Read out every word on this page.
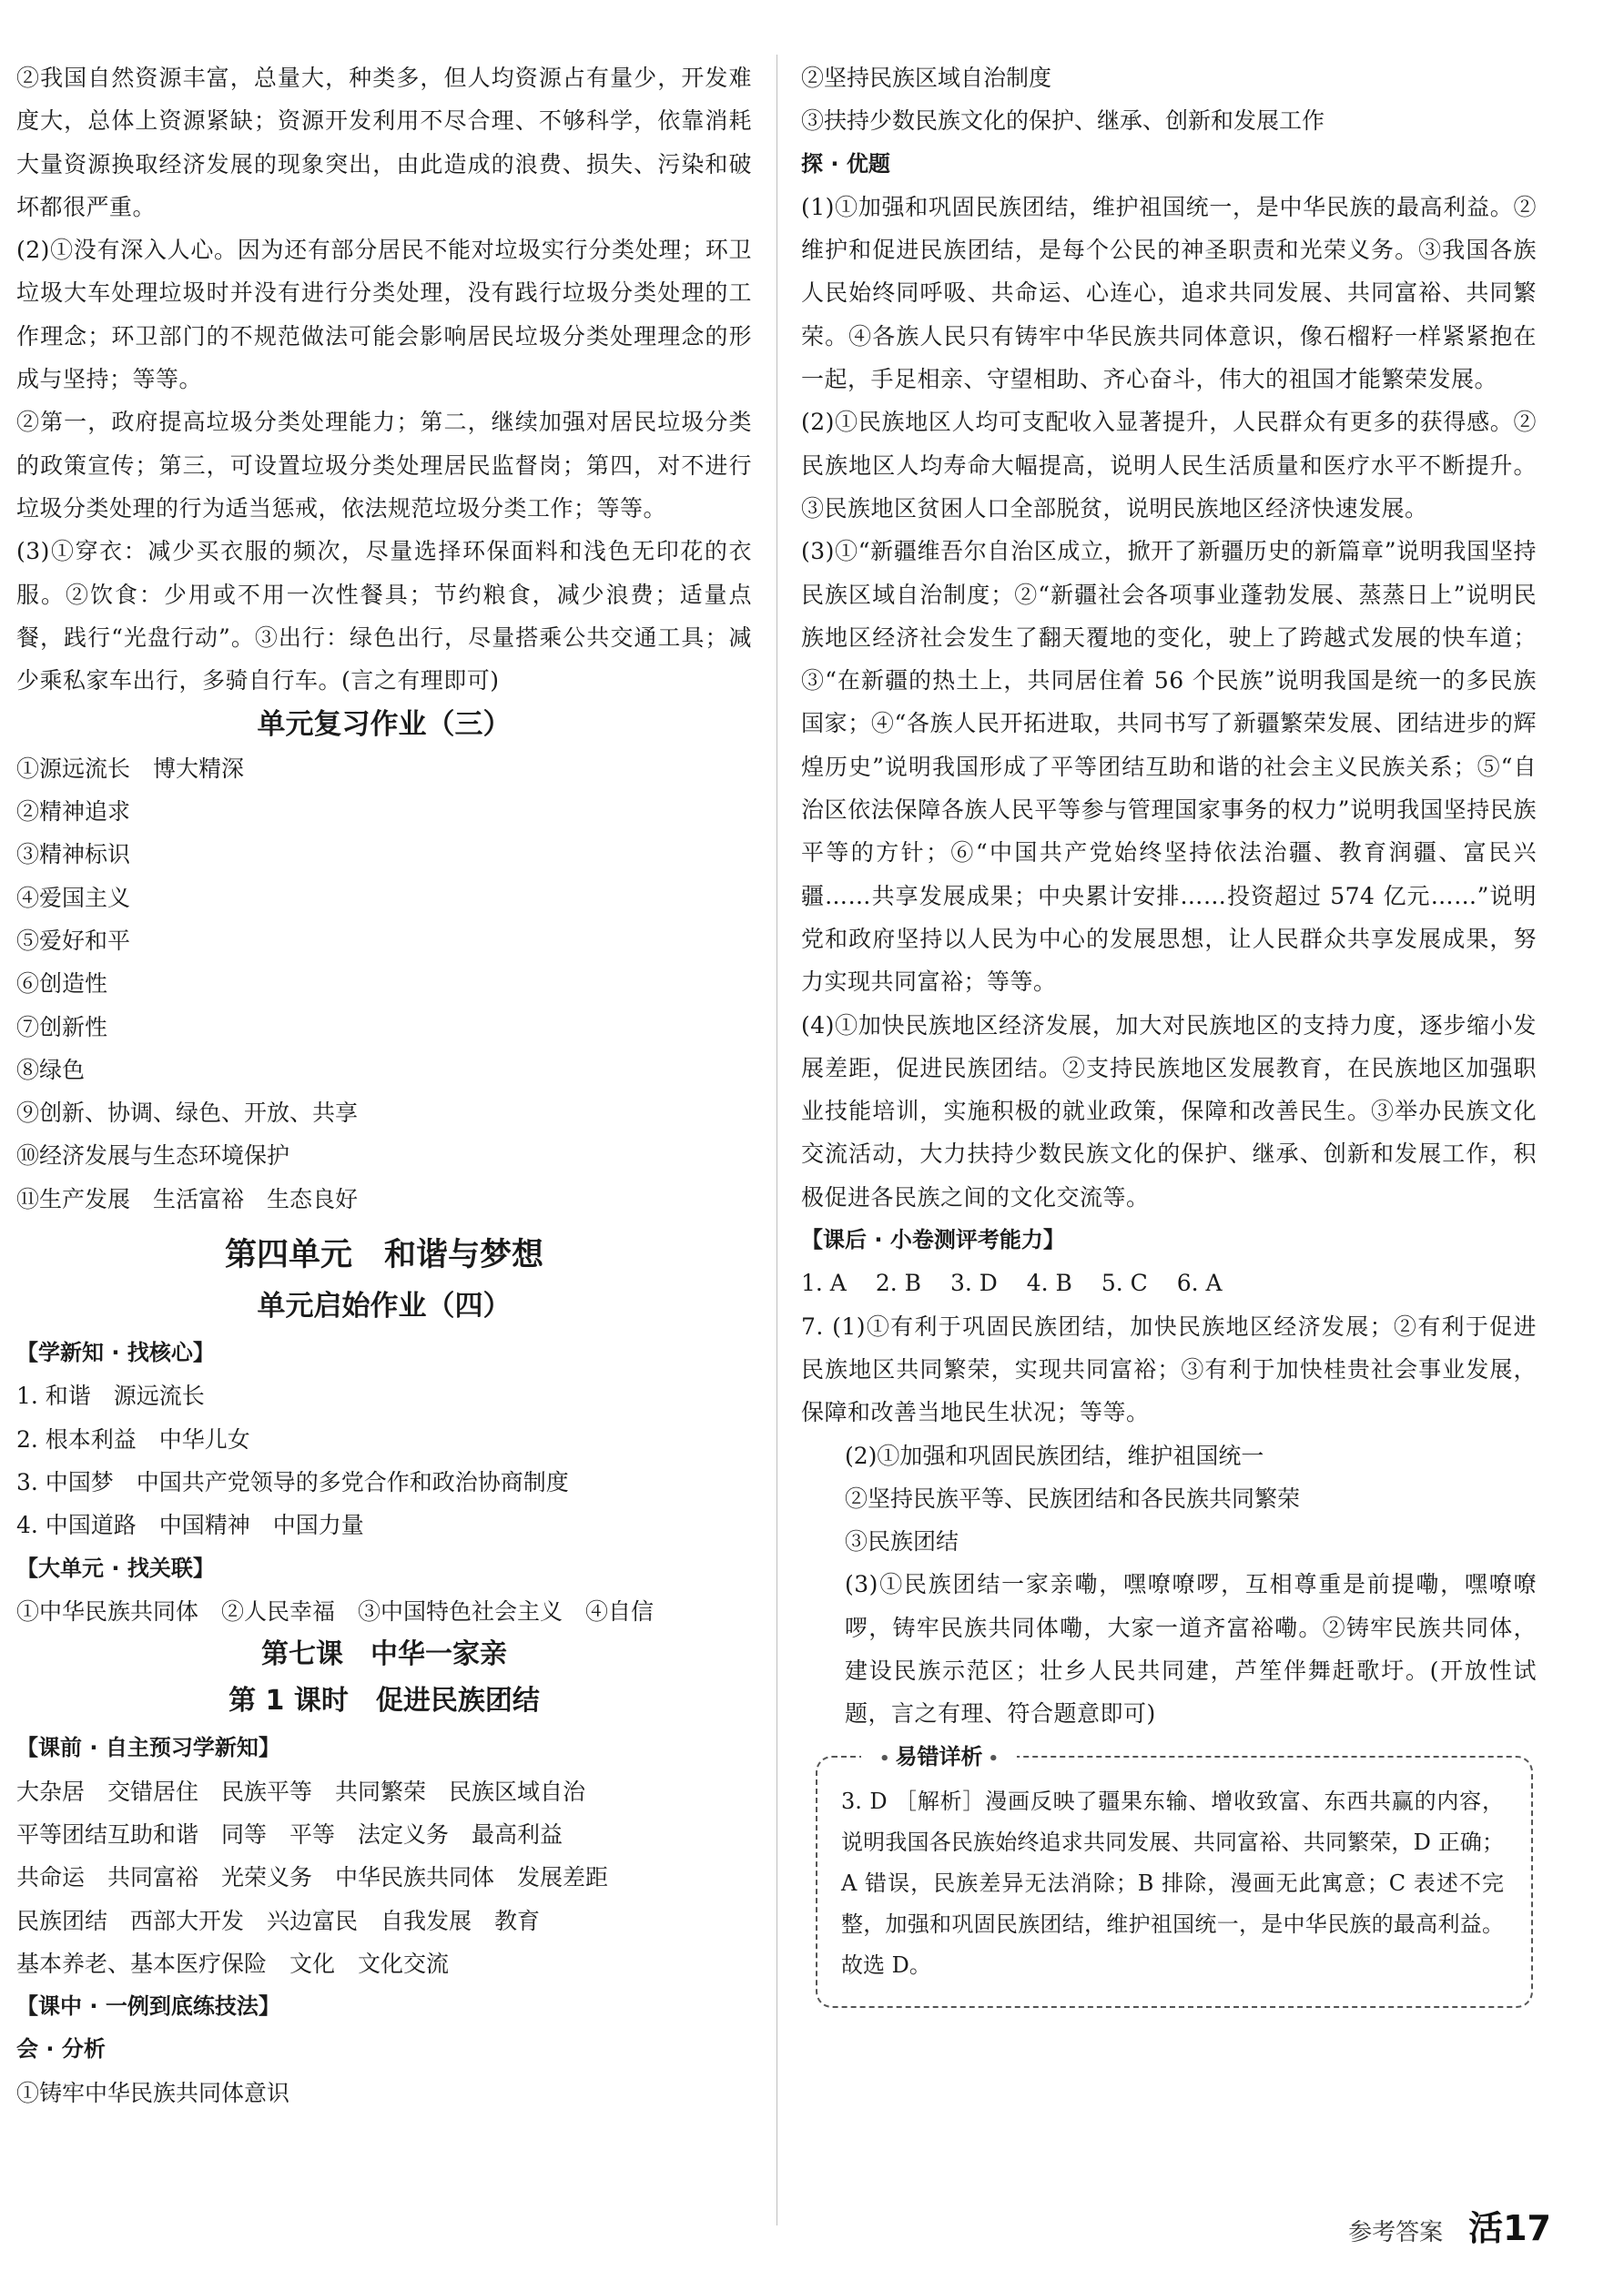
②我国自然资源丰富，总量大，种类多，但人均资源占有量少，开发难度大，总体上资源紧缺；资源开发利用不尽合理、不够科学，依靠消耗大量资源换取经济发展的现象突出，由此造成的浪费、损失、污染和破坏都很严重。

(2)①没有深入人心。因为还有部分居民不能对垃圾实行分类处理；环卫垃圾大车处理垃圾时并没有进行分类处理，没有践行垃圾分类处理的工作理念；环卫部门的不规范做法可能会影响居民垃圾分类处理理念的形成与坚持；等等。

②第一，政府提高垃圾分类处理能力；第二，继续加强对居民垃圾分类的政策宣传；第三，可设置垃圾分类处理居民监督岗；第四，对不进行垃圾分类处理的行为适当惩戒，依法规范垃圾分类工作；等等。

(3)①穿衣：减少买衣服的频次，尽量选择环保面料和浅色无印花的衣服。②饮食：少用或不用一次性餐具；节约粮食，减少浪费；适量点餐，践行“光盘行动”。③出行：绿色出行，尽量搭乘公共交通工具；减少乘私家车出行，多骑自行车。(言之有理即可)

单元复习作业（三）

①源远流长　博大精深

②精神追求

③精神标识

④爱国主义

⑤爱好和平

⑥创造性

⑦创新性

⑧绿色

⑨创新、协调、绿色、开放、共享

⑩经济发展与生态环境保护

⑪生产发展　生活富裕　生态良好

第四单元　和谐与梦想

单元启始作业（四）

【学新知 · 找核心】

1. 和谐　源远流长

2. 根本利益　中华儿女

3. 中国梦　中国共产党领导的多党合作和政治协商制度

4. 中国道路　中国精神　中国力量

【大单元 · 找关联】

①中华民族共同体　②人民幸福　③中国特色社会主义　④自信

第七课　中华一家亲

第 1 课时　促进民族团结

【课前 · 自主预习学新知】

大杂居　交错居住　民族平等　共同繁荣　民族区域自治

平等团结互助和谐　同等　平等　法定义务　最高利益

共命运　共同富裕　光荣义务　中华民族共同体　发展差距

民族团结　西部大开发　兴边富民　自我发展　教育

基本养老、基本医疗保险　文化　文化交流

【课中 · 一例到底练技法】

会 · 分析

①铸牢中华民族共同体意识

②坚持民族区域自治制度

③扶持少数民族文化的保护、继承、创新和发展工作

探 · 优题

(1)①加强和巩固民族团结，维护祖国统一，是中华民族的最高利益。②维护和促进民族团结，是每个公民的神圣职责和光荣义务。③我国各族人民始终同呼吸、共命运、心连心，追求共同发展、共同富裕、共同繁荣。④各族人民只有铸牢中华民族共同体意识，像石榴籽一样紧紧抱在一起，手足相亲、守望相助、齐心奋斗，伟大的祖国才能繁荣发展。

(2)①民族地区人均可支配收入显著提升，人民群众有更多的获得感。②民族地区人均寿命大幅提高，说明人民生活质量和医疗水平不断提升。③民族地区贫困人口全部脱贫，说明民族地区经济快速发展。

(3)①“新疆维吾尔自治区成立，掀开了新疆历史的新篇章”说明我国坚持民族区域自治制度；②“新疆社会各项事业蓬勃发展、蒸蒸日上”说明民族地区经济社会发生了翻天覆地的变化，驶上了跨越式发展的快车道；③“在新疆的热土上，共同居住着 56 个民族”说明我国是统一的多民族国家；④“各族人民开拓进取，共同书写了新疆繁荣发展、团结进步的辉煌历史”说明我国形成了平等团结互助和谐的社会主义民族关系；⑤“自治区依法保障各族人民平等参与管理国家事务的权力”说明我国坚持民族平等的方针；⑥“中国共产党始终坚持依法治疆、教育润疆、富民兴疆……共享发展成果；中央累计安排……投资超过 574 亿元……”说明党和政府坚持以人民为中心的发展思想，让人民群众共享发展成果，努力实现共同富裕；等等。

(4)①加快民族地区经济发展，加大对民族地区的支持力度，逐步缩小发展差距，促进民族团结。②支持民族地区发展教育，在民族地区加强职业技能培训，实施积极的就业政策，保障和改善民生。③举办民族文化交流活动，大力扶持少数民族文化的保护、继承、创新和发展工作，积极促进各民族之间的文化交流等。

【课后 · 小卷测评考能力】

1. A 2. B 3. D 4. B 5. C 6. A

7. (1)①有利于巩固民族团结，加快民族地区经济发展；②有利于促进民族地区共同繁荣，实现共同富裕；③有利于加快桂贵社会事业发展，保障和改善当地民生状况；等等。

(2)①加强和巩固民族团结，维护祖国统一

②坚持民族平等、民族团结和各民族共同繁荣

③民族团结

(3)①民族团结一家亲嘞，嘿嘹嘹啰，互相尊重是前提嘞，嘿嘹嘹啰，铸牢民族共同体嘞，大家一道齐富裕嘞。②铸牢民族共同体，建设民族示范区；壮乡人民共同建，芦笙伴舞赶歌圩。(开放性试题，言之有理、符合题意即可)

• 易错详析 •

3. D ［解析］漫画反映了疆果东输、增收致富、东西共赢的内容，说明我国各民族始终追求共同发展、共同富裕、共同繁荣，D 正确；A 错误，民族差异无法消除；B 排除，漫画无此寓意；C 表述不完整，加强和巩固民族团结，维护祖国统一，是中华民族的最高利益。故选 D。

参考答案 活17
